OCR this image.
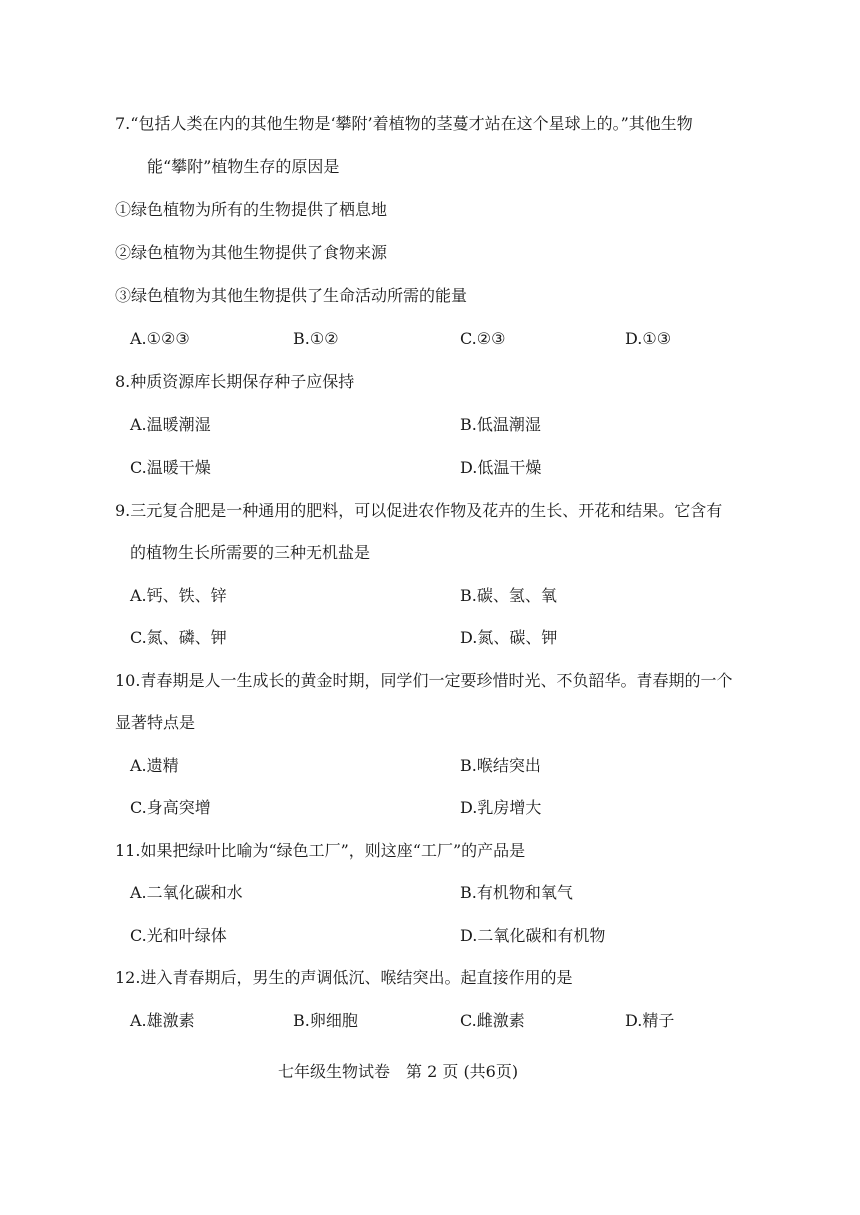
7.“包括人类在内的其他生物是‘攀附’着植物的茎蔓才站在这个星球上的。”其他生物
能“攀附”植物生存的原因是
①绿色植物为所有的生物提供了栖息地
②绿色植物为其他生物提供了食物来源
③绿色植物为其他生物提供了生命活动所需的能量
A.①②③	B.①②	C.②③	D.①③
8.种质资源库长期保存种子应保持
A.温暖潮湿	B.低温潮湿
C.温暖干燥	D.低温干燥
9.三元复合肥是一种通用的肥料，可以促进农作物及花卉的生长、开花和结果。它含有
的植物生长所需要的三种无机盐是
A.钙、铁、锌	B.碳、氢、氧
C.氮、磷、钾	D.氮、碳、钾
10.青春期是人一生成长的黄金时期，同学们一定要珍惜时光、不负韶华。青春期的一个
显著特点是
A.遗精	B.喉结突出
C.身高突增	D.乳房增大
11.如果把绿叶比喻为“绿色工厂”，则这座“工厂”的产品是
A.二氧化碳和水	B.有机物和氧气
C.光和叶绿体	D.二氧化碳和有机物
12.进入青春期后，男生的声调低沉、喉结突出。起直接作用的是
A.雄激素	B.卵细胞	C.雌激素	D.精子
七年级生物试卷　第 2 页 (共6页)
